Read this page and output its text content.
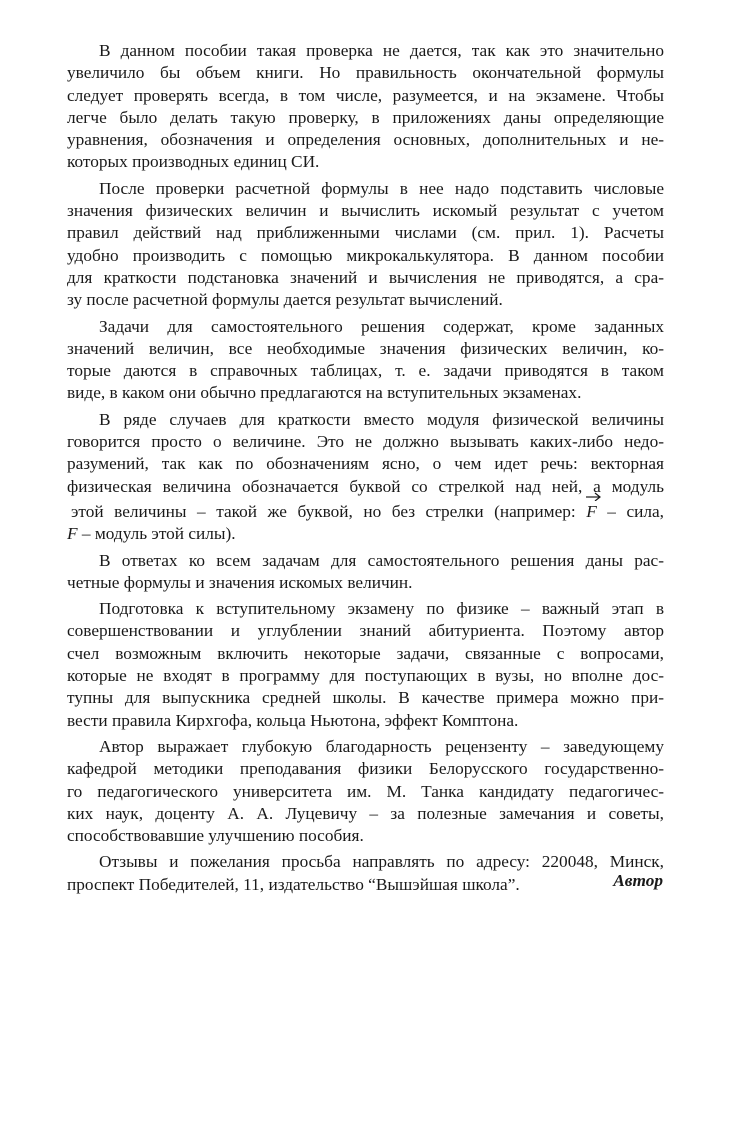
В данном пособии такая проверка не дается, так как это значительно
увеличило бы объем книги. Но правильность окончательной формулы
следует проверять всегда, в том числе, разумеется, и на экзамене. Чтобы
легче было делать такую проверку, в приложениях даны определяющие
уравнения, обозначения и определения основных, дополнительных и не-
которых производных единиц СИ.
После проверки расчетной формулы в нее надо подставить числовые
значения физических величин и вычислить искомый результат с учетом
правил действий над приближенными числами (см. прил. 1). Расчеты
удобно производить с помощью микрокалькулятора. В данном пособии
для краткости подстановка значений и вычисления не приводятся, а сра-
зу после расчетной формулы дается результат вычислений.
Задачи для самостоятельного решения содержат, кроме заданных
значений величин, все необходимые значения физических величин, ко-
торые даются в справочных таблицах, т. е. задачи приводятся в таком
виде, в каком они обычно предлагаются на вступительных экзаменах.
В ряде случаев для краткости вместо модуля физической величины
говорится просто о величине. Это не должно вызывать каких-либо недо-
разумений, так как по обозначениям ясно, о чем идет речь: векторная
физическая величина обозначается буквой со стрелкой над ней, а модуль
этой величины – такой же буквой, но без стрелки (например:
F – сила,
F – модуль этой силы).
В ответах ко всем задачам для самостоятельного решения даны рас-
четные формулы и значения искомых величин.
Подготовка к вступительному экзамену по физике – важный этап в
совершенствовании и углублении знаний абитуриента. Поэтому автор
счел возможным включить некоторые задачи, связанные с вопросами,
которые не входят в программу для поступающих в вузы, но вполне дос-
тупны для выпускника средней школы. В качестве примера можно при-
вести правила Кирхгофа, кольца Ньютона, эффект Комптона.
Автор выражает глубокую благодарность рецензенту – заведующему
кафедрой методики преподавания физики Белорусского государственно-
го педагогического университета им. М. Танка кандидату педагогичес-
ких наук, доценту А. А. Луцевичу – за полезные замечания и советы,
способствовавшие улучшению пособия.
Отзывы и пожелания просьба направлять по адресу: 220048, Минск,
проспект Победителей, 11, издательство “Вышэйшая школа”.	Автор
